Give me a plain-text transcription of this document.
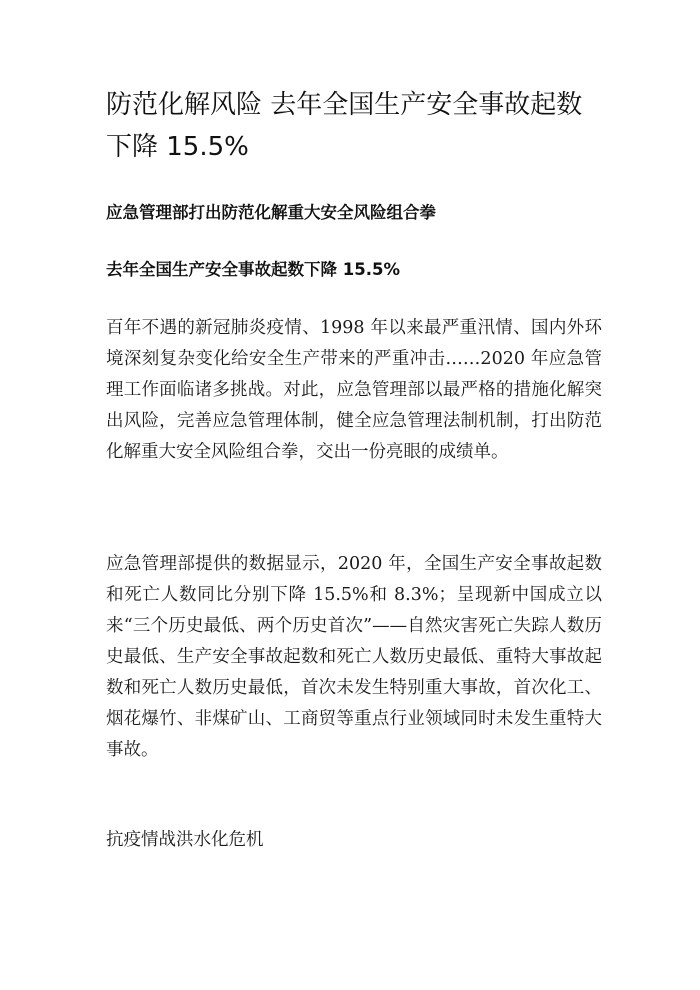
防范化解风险 去年全国生产安全事故起数下降 15.5%

应急管理部打出防范化解重大安全风险组合拳

去年全国生产安全事故起数下降 15.5%

百年不遇的新冠肺炎疫情、1998 年以来最严重汛情、国内外环境深刻复杂变化给安全生产带来的严重冲击……2020 年应急管理工作面临诸多挑战。对此，应急管理部以最严格的措施化解突出风险，完善应急管理体制，健全应急管理法制机制，打出防范化解重大安全风险组合拳，交出一份亮眼的成绩单。

应急管理部提供的数据显示，2020 年，全国生产安全事故起数和死亡人数同比分别下降 15.5%和 8.3%；呈现新中国成立以来“三个历史最低、两个历史首次”——自然灾害死亡失踪人数历史最低、生产安全事故起数和死亡人数历史最低、重特大事故起数和死亡人数历史最低，首次未发生特别重大事故，首次化工、烟花爆竹、非煤矿山、工商贸等重点行业领域同时未发生重特大事故。

抗疫情战洪水化危机
